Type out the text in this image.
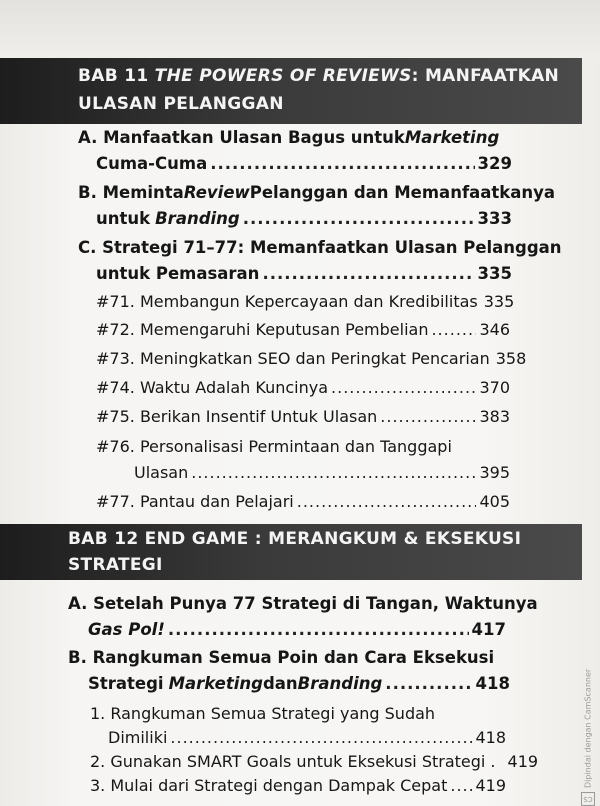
BAB 11 THE POWERS OF REVIEWS: MANFAATKAN
ULASAN PELANGGAN
A. Manfaatkan Ulasan Bagus untuk Marketing
Cuma-Cuma .....	329
B. Meminta Review Pelanggan dan Memanfaatkanya
untuk Branding .....	333
C. Strategi 71–77: Memanfaatkan Ulasan Pelanggan
untuk Pemasaran .....	335
#71. Membangun Kepercayaan dan Kredibilitas 335
#72. Memengaruhi Keputusan Pembelian .....	346
#73. Meningkatkan SEO dan Peringkat Pencarian 358
#74. Waktu Adalah Kuncinya .....	370
#75. Berikan Insentif Untuk Ulasan .....	383
#76. Personalisasi Permintaan dan Tanggapi
Ulasan .....	395
#77. Pantau dan Pelajari .....	405
BAB 12 END GAME : MERANGKUM & EKSEKUSI
STRATEGI
A. Setelah Punya 77 Strategi di Tangan, Waktunya
Gas Pol! .....	417
B. Rangkuman Semua Poin dan Cara Eksekusi
Strategi Marketing dan Branding .....	418
1. Rangkuman Semua Strategi yang Sudah
Dimiliki .....	418
2. Gunakan SMART Goals untuk Eksekusi Strategi . 419
3. Mulai dari Strategi dengan Dampak Cepat ..... 419
CS
Dipindai dengan CamScanner
